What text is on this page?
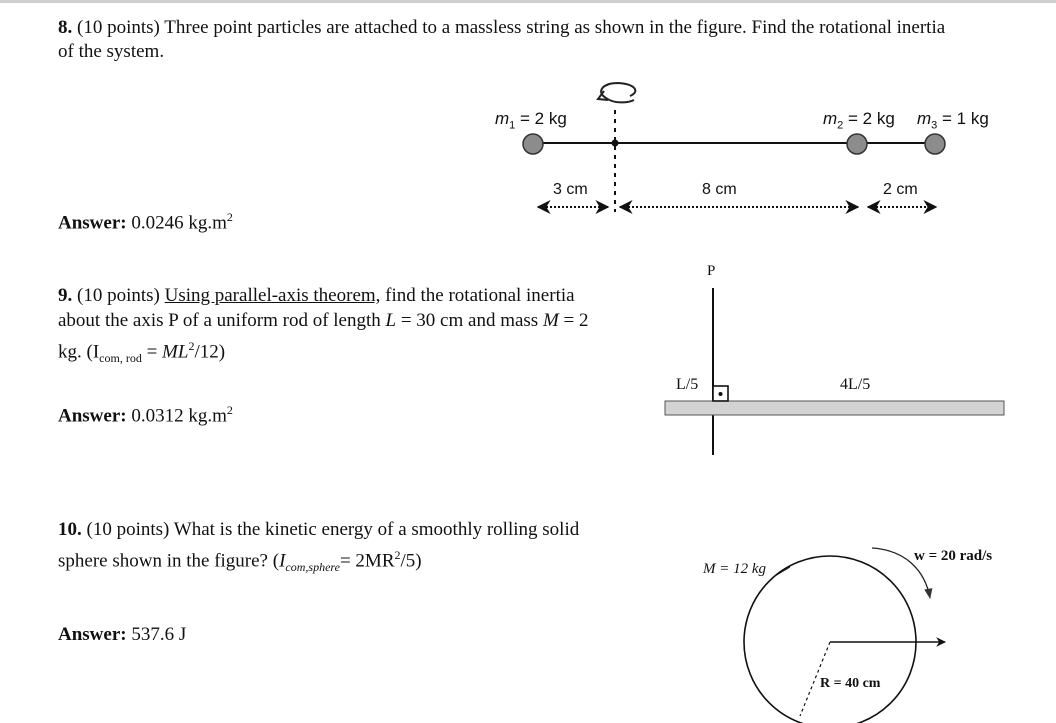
8. (10 points) Three point particles are attached to a massless string as shown in the figure. Find the rotational inertia
of the system.
Answer: 0.0246 $kg.m^2$
$m_1 = 2$ kg	$m_2 = 2$ kg $m_3 = 1$ kg
3 cm	8 cm	2 cm
9. (10 points) Using parallel-axis theorem, find the rotational inertia
about the axis P of a uniform rod of length L = 30 cm and mass M = 2
kg. $(I_{com, rod} = ML^2/12)$
Answer: 0.0312 $kg.m^2$
P
L/5	4L/5
10. (10 points) What is the kinetic energy of a smoothly rolling solid
sphere shown in the figure? $(I_{com,sphere}= 2MR^2/5)$
Answer: 537.6 J
M = 12 kg
w = 20 rad/s
R = 40 cm
